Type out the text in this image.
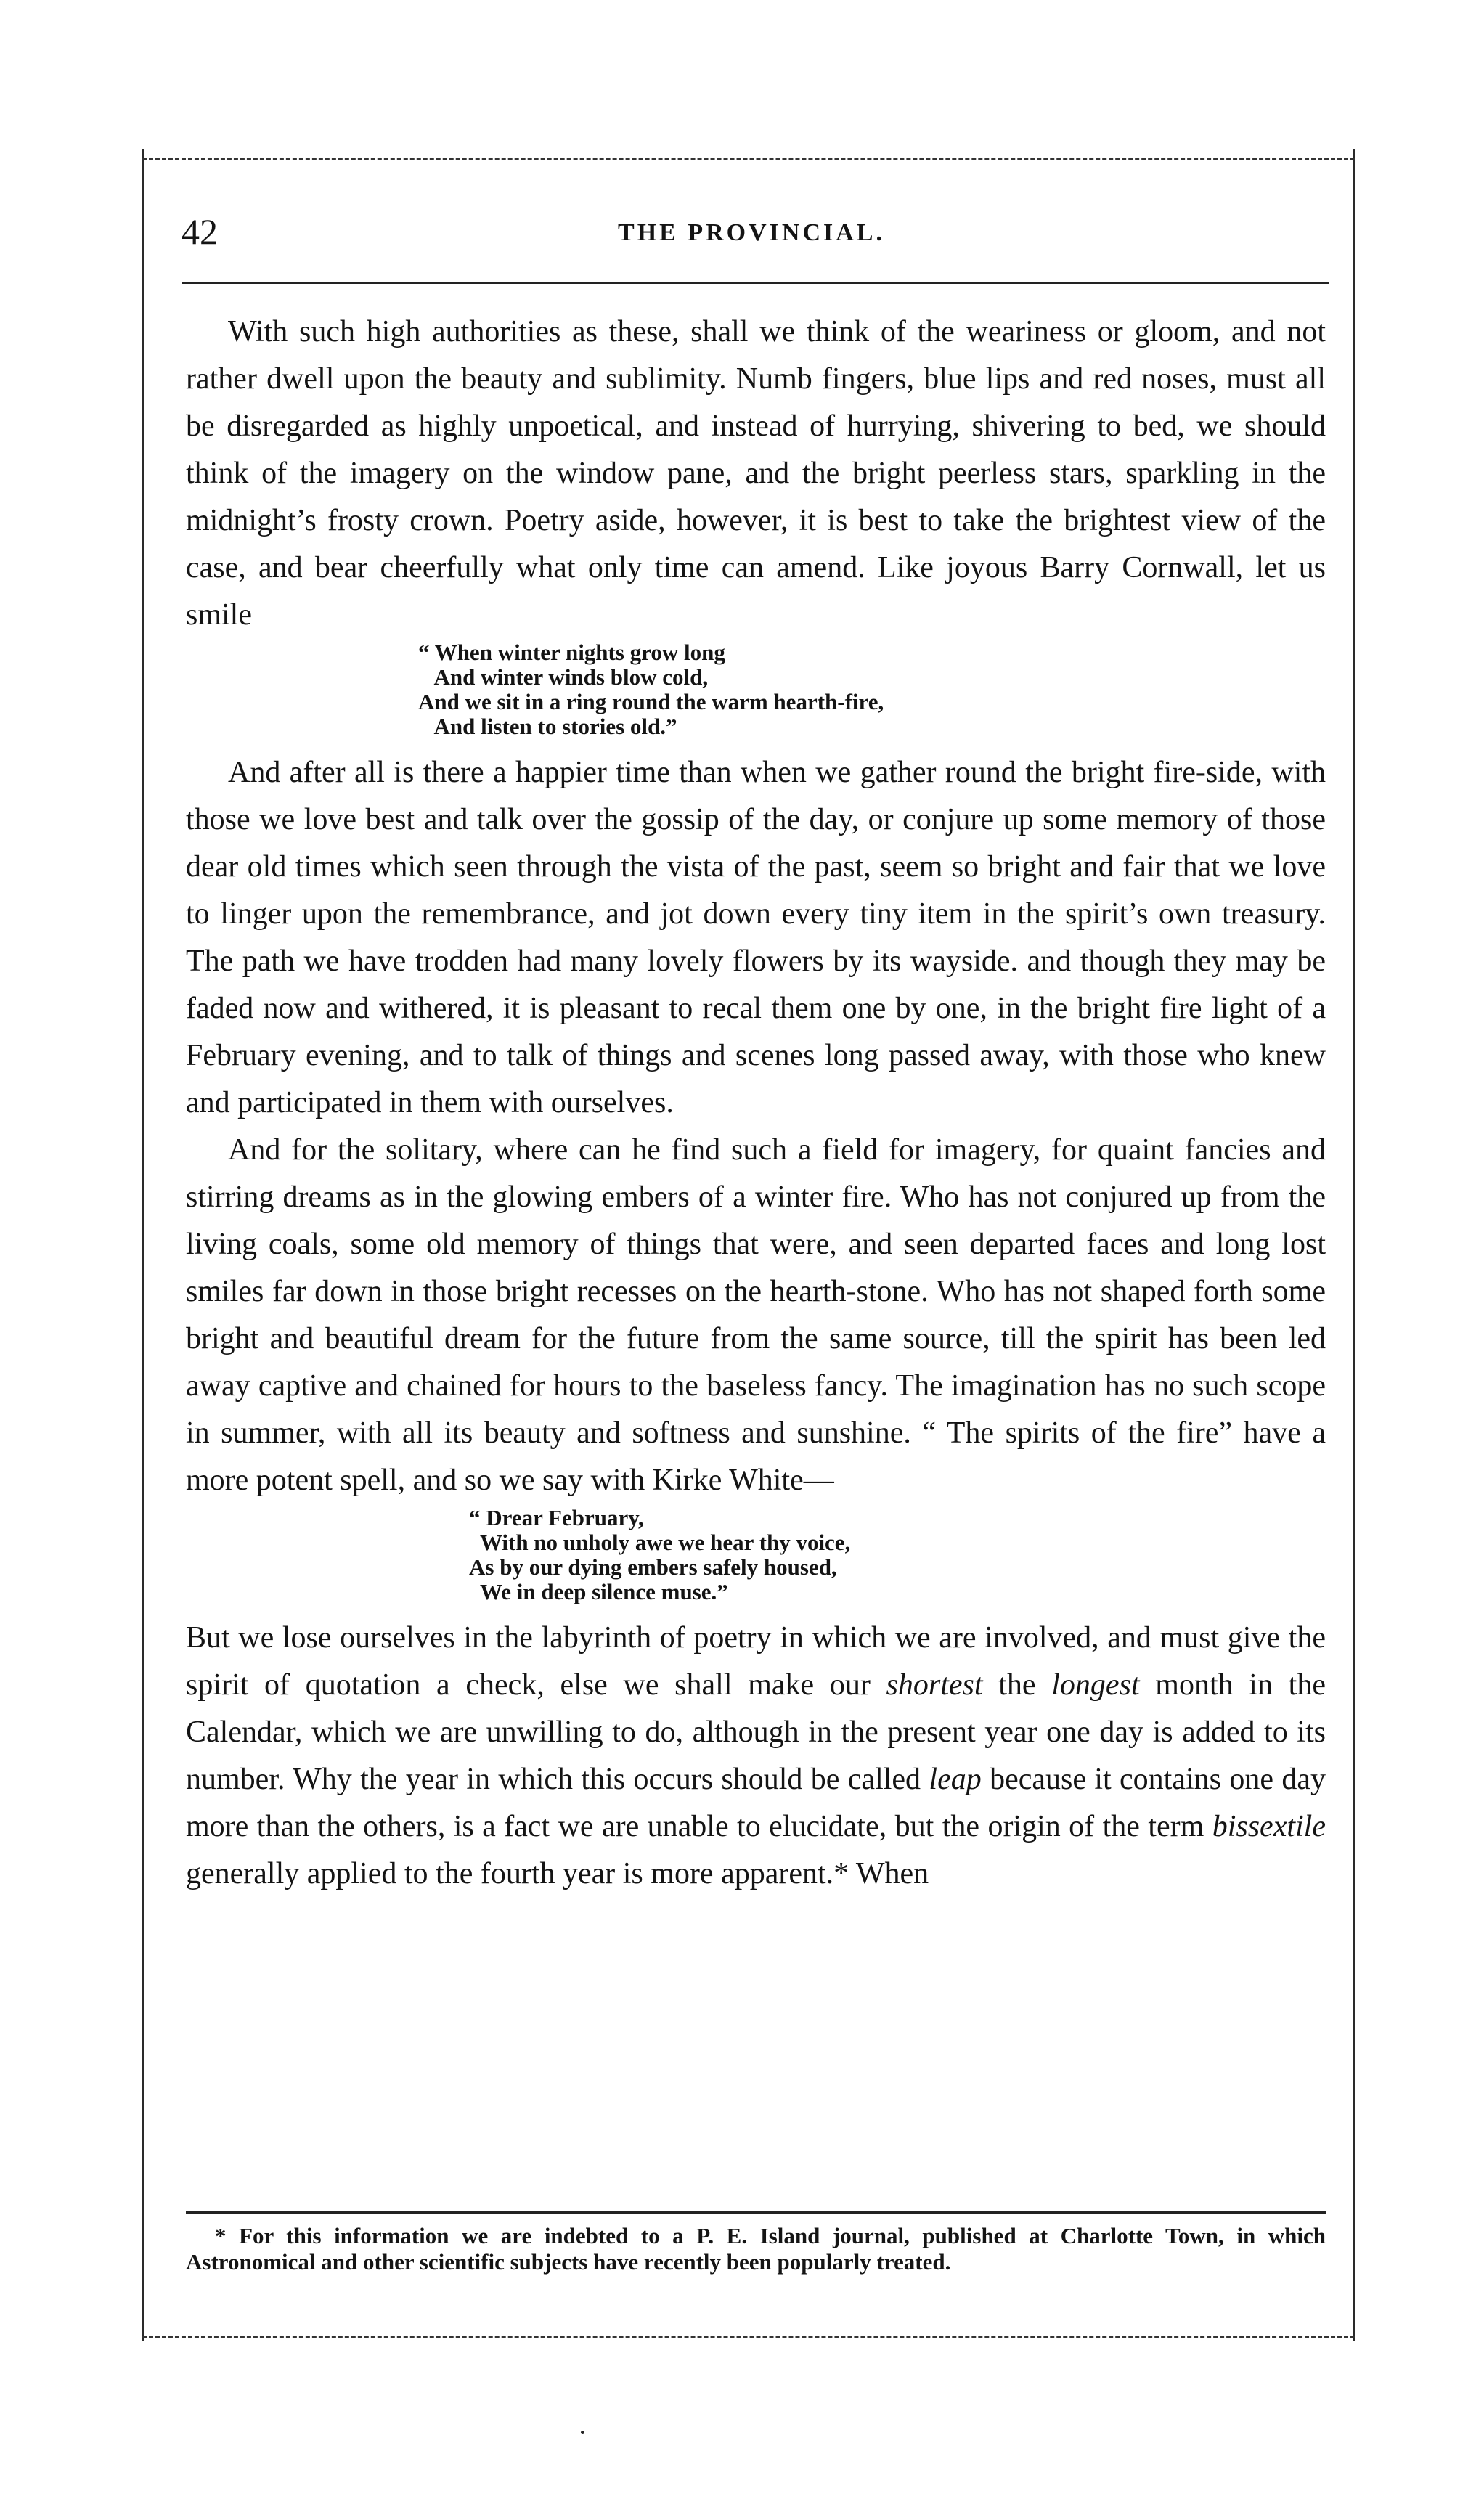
42	THE PROVINCIAL.

With such high authorities as these, shall we think of the weariness or gloom, and not rather dwell upon the beauty and sublimity. Numb fingers, blue lips and red noses, must all be disregarded as highly unpoetical, and instead of hurrying, shivering to bed, we should think of the imagery on the window pane, and the bright peerless stars, sparkling in the midnight’s frosty crown. Poetry aside, however, it is best to take the brightest view of the case, and bear cheerfully what only time can amend. Like joyous Barry Cornwall, let us smile

“ When winter nights grow long
And winter winds blow cold,
And we sit in a ring round the warm hearth-fire,
And listen to stories old.”

And after all is there a happier time than when we gather round the bright fire-side, with those we love best and talk over the gossip of the day, or conjure up some memory of those dear old times which seen through the vista of the past, seem so bright and fair that we love to linger upon the remembrance, and jot down every tiny item in the spirit’s own treasury. The path we have trodden had many lovely flowers by its wayside. and though they may be faded now and withered, it is pleasant to recal them one by one, in the bright fire light of a February evening, and to talk of things and scenes long passed away, with those who knew and participated in them with ourselves.

And for the solitary, where can he find such a field for imagery, for quaint fancies and stirring dreams as in the glowing embers of a winter fire. Who has not conjured up from the living coals, some old memory of things that were, and seen departed faces and long lost smiles far down in those bright recesses on the hearth-stone. Who has not shaped forth some bright and beautiful dream for the future from the same source, till the spirit has been led away captive and chained for hours to the baseless fancy. The imagination has no such scope in summer, with all its beauty and softness and sunshine. “ The spirits of the fire” have a more potent spell, and so we say with Kirke White—

“ Drear February,
With no unholy awe we hear thy voice,
As by our dying embers safely housed,
We in deep silence muse.”

But we lose ourselves in the labyrinth of poetry in which we are involved, and must give the spirit of quotation a check, else we shall make our shortest the longest month in the Calendar, which we are unwilling to do, although in the present year one day is added to its number. Why the year in which this occurs should be called leap because it contains one day more than the others, is a fact we are unable to elucidate, but the origin of the term bissextile generally applied to the fourth year is more apparent.* When

* For this information we are indebted to a P. E. Island journal, published at Charlotte Town, in which Astronomical and other scientific subjects have recently been popularly treated.
